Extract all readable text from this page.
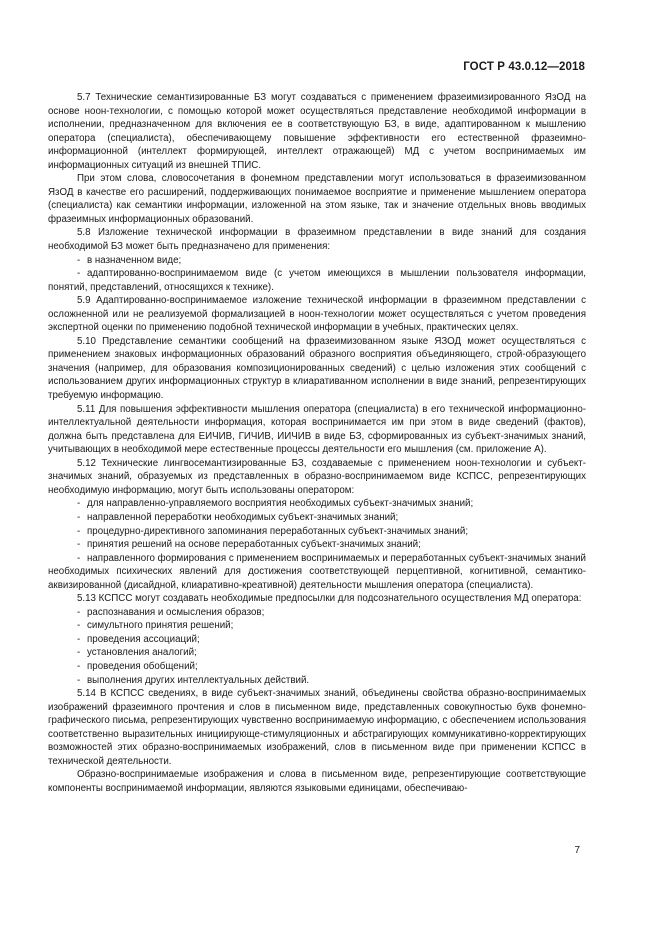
ГОСТ Р 43.0.12—2018

5.7 Технические семантизированные БЗ могут создаваться с применением фразеимизированного ЯзОД на основе ноон-технологии, с помощью которой может осуществляться представление необходимой информации в исполнении, предназначенном для включения ее в соответствующую БЗ, в виде, адаптированном к мышлению оператора (специалиста), обеспечивающему повышение эффективности его естественной фразеимно-информационной (интеллект формирующей, интеллект отражающей) МД с учетом воспринимаемых им информационных ситуаций из внешней ТПИС.

При этом слова, словосочетания в фонемном представлении могут использоваться в фразеимизованном ЯзОД в качестве его расширений, поддерживающих понимаемое восприятие и применение мышлением оператора (специалиста) как семантики информации, изложенной на этом языке, так и значение отдельных вновь вводимых фразеимных информационных образований.

5.8 Изложение технической информации в фразеимном представлении в виде знаний для создания необходимой БЗ может быть предназначено для применения:

- в назначенном виде;
- адаптированно-воспринимаемом виде (с учетом имеющихся в мышлении пользователя информации, понятий, представлений, относящихся к технике).

5.9 Адаптированно-воспринимаемое изложение технической информации в фразеимном представлении с осложненной или не реализуемой формализацией в ноон-технологии может осуществляться с учетом проведения экспертной оценки по применению подобной технической информации в учебных, практических целях.

5.10 Представление семантики сообщений на фразеимизованном языке ЯЗОД может осуществляться с применением знаковых информационных образований образного восприятия объединяющего, строй-образующего значения (например, для образования композиционированных сведений) с целью изложения этих сообщений с использованием других информационных структур в клиаративанном исполнении в виде знаний, репрезентирующих требуемую информацию.

5.11 Для повышения эффективности мышления оператора (специалиста) в его технической информационно-интеллектуальной деятельности информация, которая воспринимается им при этом в виде сведений (фактов), должна быть представлена для ЕИЧИВ, ГИЧИВ, ИИЧИВ в виде БЗ, сформированных из субъект-значимых знаний, учитывающих в необходимой мере естественные процессы деятельности его мышления (см. приложение А).

5.12 Технические лингвосемантизированные БЗ, создаваемые с применением ноон-технологии и субъект-значимых знаний, образуемых из представленных в образно-воспринимаемом виде КСПСС, репрезентирующих необходимую информацию, могут быть использованы оператором:

- для направленно-управляемого восприятия необходимых субъект-значимых знаний;
- направленной переработки необходимых субъект-значимых знаний;
- процедурно-директивного запоминания переработанных субъект-значимых знаний;
- принятия решений на основе переработанных субъект-значимых знаний;
- направленного формирования с применением воспринимаемых и переработанных субъект-значимых знаний необходимых психических явлений для достижения соответствующей перцептивной, когнитивной, семантико-аквизированной (дисайдной, клиаративно-креативной) деятельности мышления оператора (специалиста).

5.13 КСПСС могут создавать необходимые предпосылки для подсознательного осуществления МД оператора:

- распознавания и осмысления образов;
- симультного принятия решений;
- проведения ассоциаций;
- установления аналогий;
- проведения обобщений;
- выполнения других интеллектуальных действий.

5.14 В КСПСС сведениях, в виде субъект-значимых знаний, объединены свойства образно-воспринимаемых изображений фразеимного прочтения и слов в письменном виде, представленных совокупностью букв фонемно-графического письма, репрезентирующих чувственно воспринимаемую информацию, с обеспечением использования соответственно выразительных инициирующе-стимуляционных и абстрагирующих коммуникативно-корректирующих возможностей этих образно-воспринимаемых изображений, слов в письменном виде при применении КСПСС в технической деятельности.

Образно-воспринимаемые изображения и слова в письменном виде, репрезентирующие соответствующие компоненты воспринимаемой информации, являются языковыми единицами, обеспечиваю-

7
